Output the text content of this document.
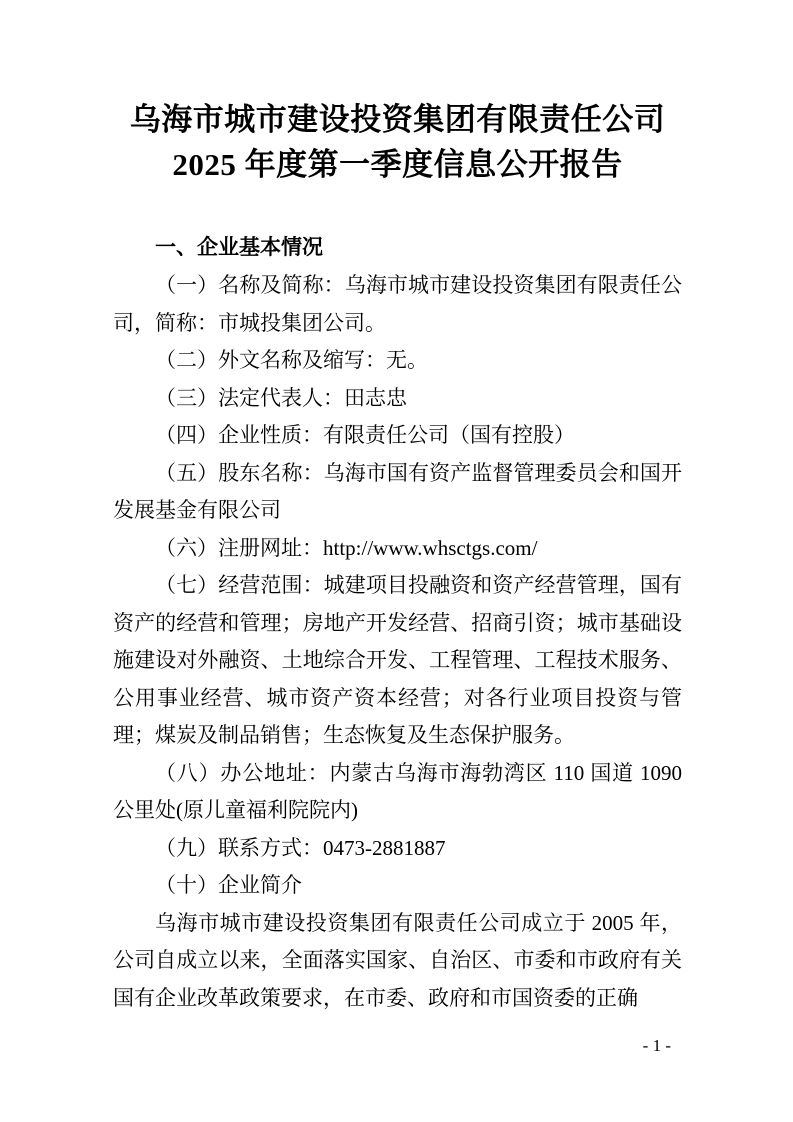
乌海市城市建设投资集团有限责任公司
2025 年度第一季度信息公开报告
一、企业基本情况

（一）名称及简称：乌海市城市建设投资集团有限责任公司，简称：市城投集团公司。

（二）外文名称及缩写：无。

（三）法定代表人：田志忠

（四）企业性质：有限责任公司（国有控股）

（五）股东名称：乌海市国有资产监督管理委员会和国开发展基金有限公司

（六）注册网址：http://www.whsctgs.com/

（七）经营范围：城建项目投融资和资产经营管理，国有资产的经营和管理；房地产开发经营、招商引资；城市基础设施建设对外融资、土地综合开发、工程管理、工程技术服务、公用事业经营、城市资产资本经营；对各行业项目投资与管理；煤炭及制品销售；生态恢复及生态保护服务。

（八）办公地址：内蒙古乌海市海勃湾区 110 国道 1090 公里处(原儿童福利院院内)

（九）联系方式：0473-2881887

（十）企业简介

乌海市城市建设投资集团有限责任公司成立于 2005 年，公司自成立以来，全面落实国家、自治区、市委和市政府有关国有企业改革政策要求，在市委、政府和市国资委的正确

- 1 -
